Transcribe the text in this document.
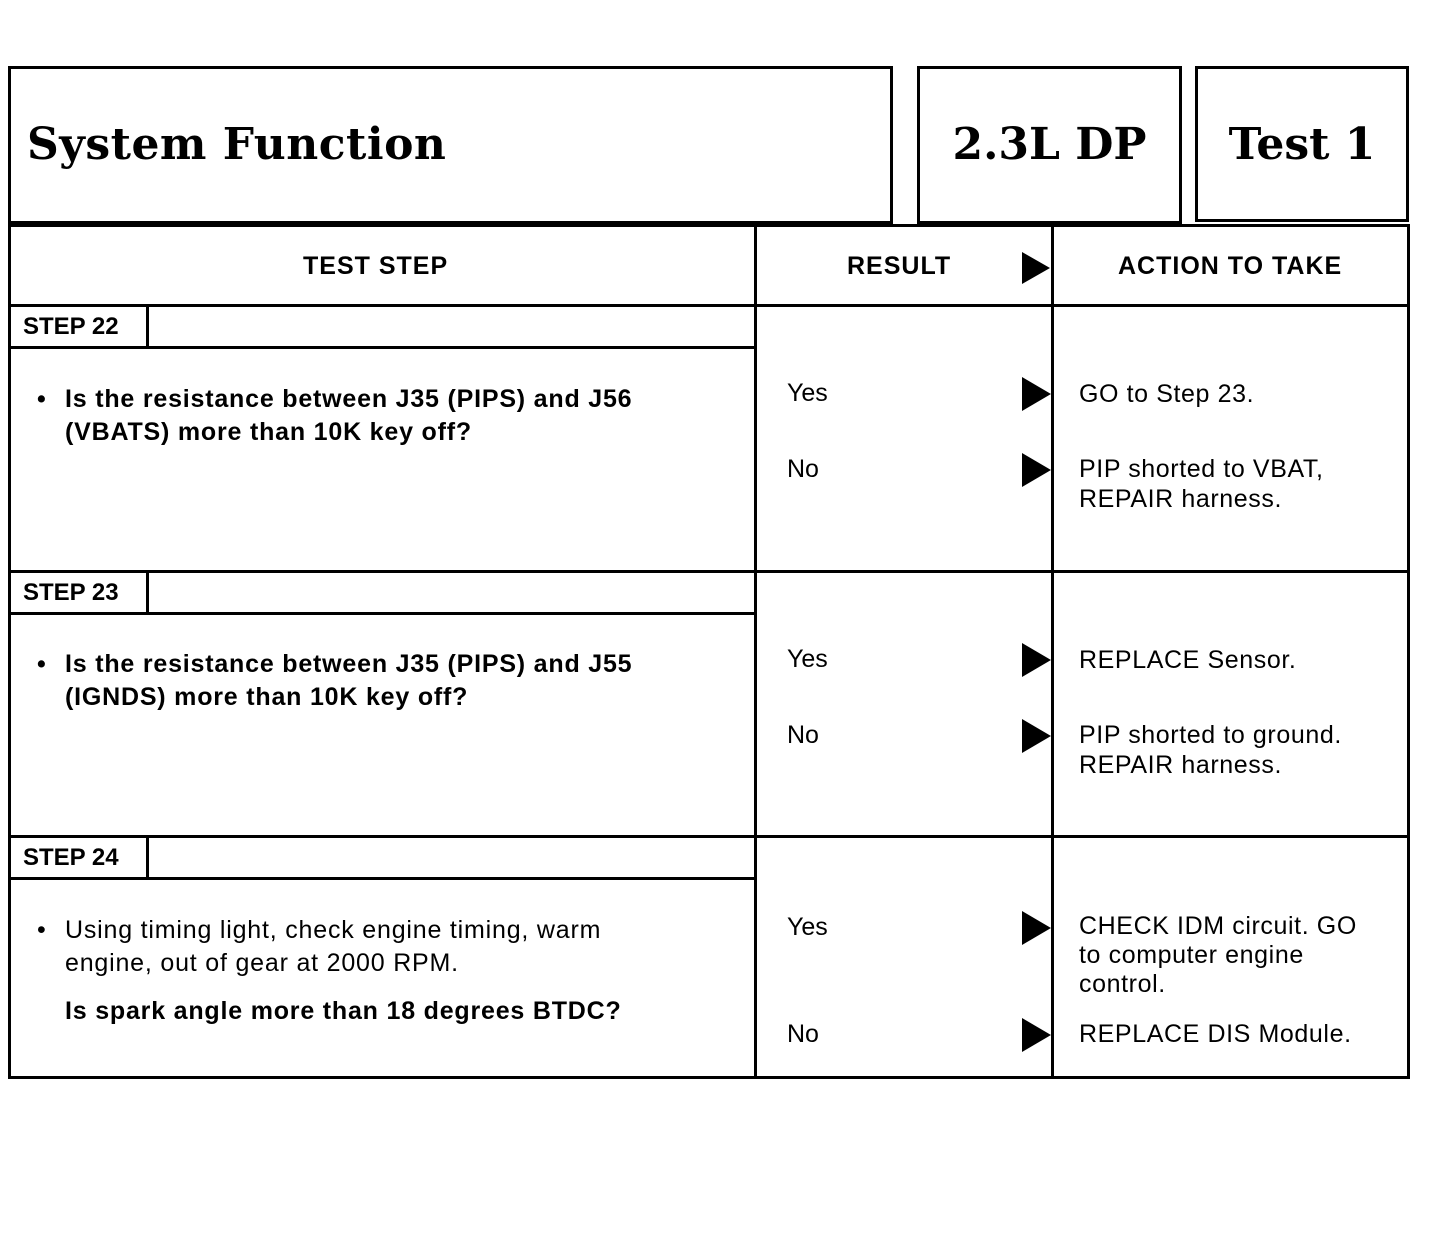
System Function	2.3L DP	Test 1
TEST STEP	RESULT	ACTION TO TAKE
STEP 22
• Is the resistance between J35 (PIPS) and J56
(VBATS) more than 10K key off?
Yes	GO to Step 23.
No	PIP shorted to VBAT,
REPAIR harness.
STEP 23
• Is the resistance between J35 (PIPS) and J55
(IGNDS) more than 10K key off?
Yes	REPLACE Sensor.
No	PIP shorted to ground.
REPAIR harness.
STEP 24
• Using timing light, check engine timing, warm
engine, out of gear at 2000 RPM.
Is spark angle more than 18 degrees BTDC?
Yes	CHECK IDM circuit. GO
to computer engine
control.
No	REPLACE DIS Module.
